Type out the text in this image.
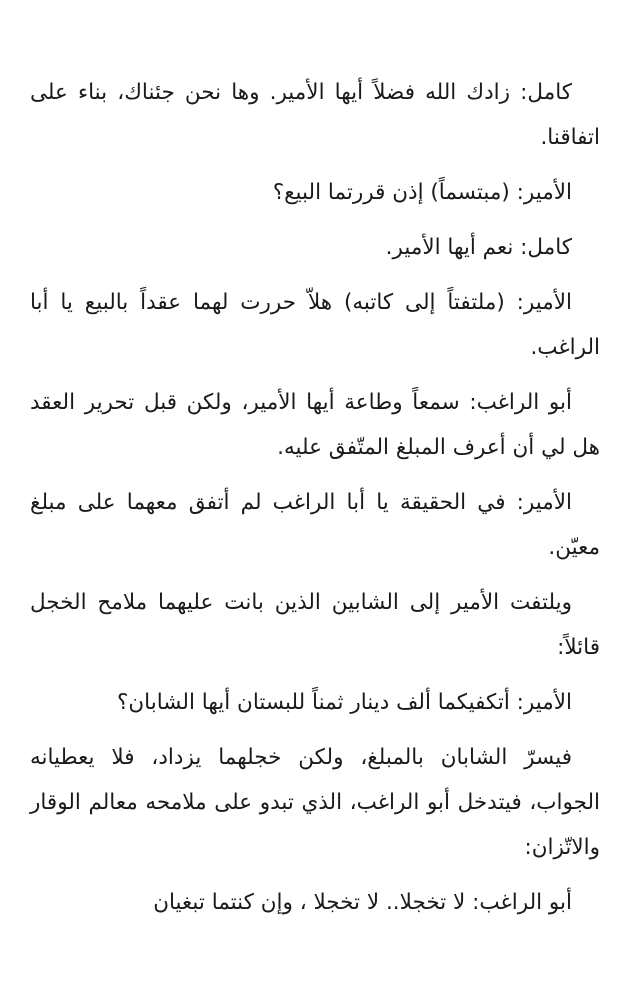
كامل: زادك الله فضلاً أيها الأمير. وها نحن جئناك، بناء على اتفاقنا.

الأمير: (مبتسماً) إذن قررتما البيع؟

كامل: نعم أيها الأمير.

الأمير: (ملتفتاً إلى كاتبه) هلاّ حررت لهما عقداً بالبيع يا أبا الراغب.

أبو الراغب: سمعاً وطاعة أيها الأمير، ولكن قبل تحرير العقد هل لي أن أعرف المبلغ المتّفق عليه.

الأمير: في الحقيقة يا أبا الراغب لم أتفق معهما على مبلغ معيّن.

ويلتفت الأمير إلى الشابين الذين بانت عليهما ملامح الخجل قائلاً:

الأمير: أتكفيكما ألف دينار ثمناً للبستان أيها الشابان؟

فيسرّ الشابان بالمبلغ، ولكن خجلهما يزداد، فلا يعطيانه الجواب، فيتدخل أبو الراغب، الذي تبدو على ملامحه معالم الوقار والاتّزان:

أبو الراغب: لا تخجلا.. لا تخجلا ، وإن كنتما تبغيان
